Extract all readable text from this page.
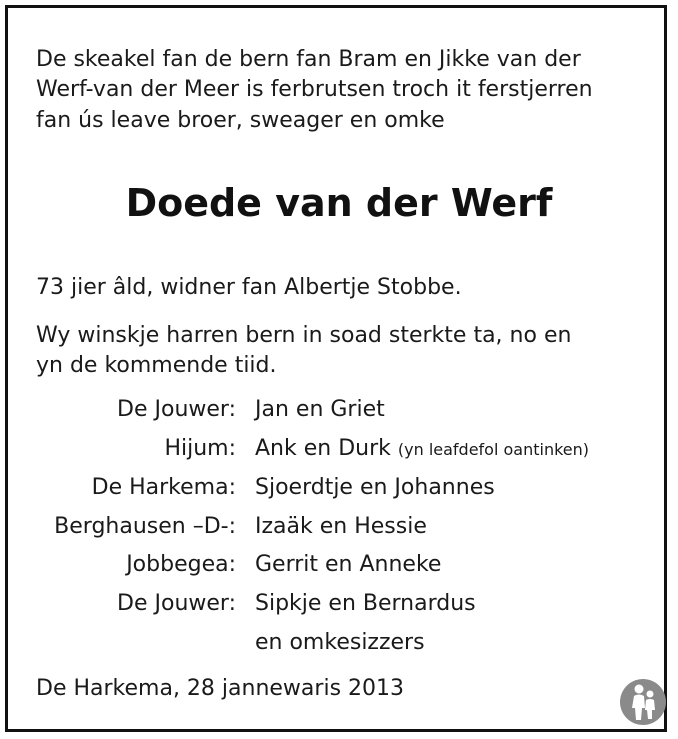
De skeakel fan de bern fan Bram en Jikke van der
Werf-van der Meer is ferbrutsen troch it ferstjerren
fan ús leave broer, sweager en omke
Doede van der Werf
73 jier âld, widner fan Albertje Stobbe.
Wy winskje harren bern in soad sterkte ta, no en
yn de kommende tiid.
De Jouwer: Jan en Griet
Hijum: Ank en Durk (yn leafdefol oantinken)
De Harkema: Sjoerdtje en Johannes
Berghausen –D-: Izaäk en Hessie
Jobbegea: Gerrit en Anneke
De Jouwer: Sipkje en Bernardus
en omkesizzers
De Harkema, 28 jannewaris 2013
